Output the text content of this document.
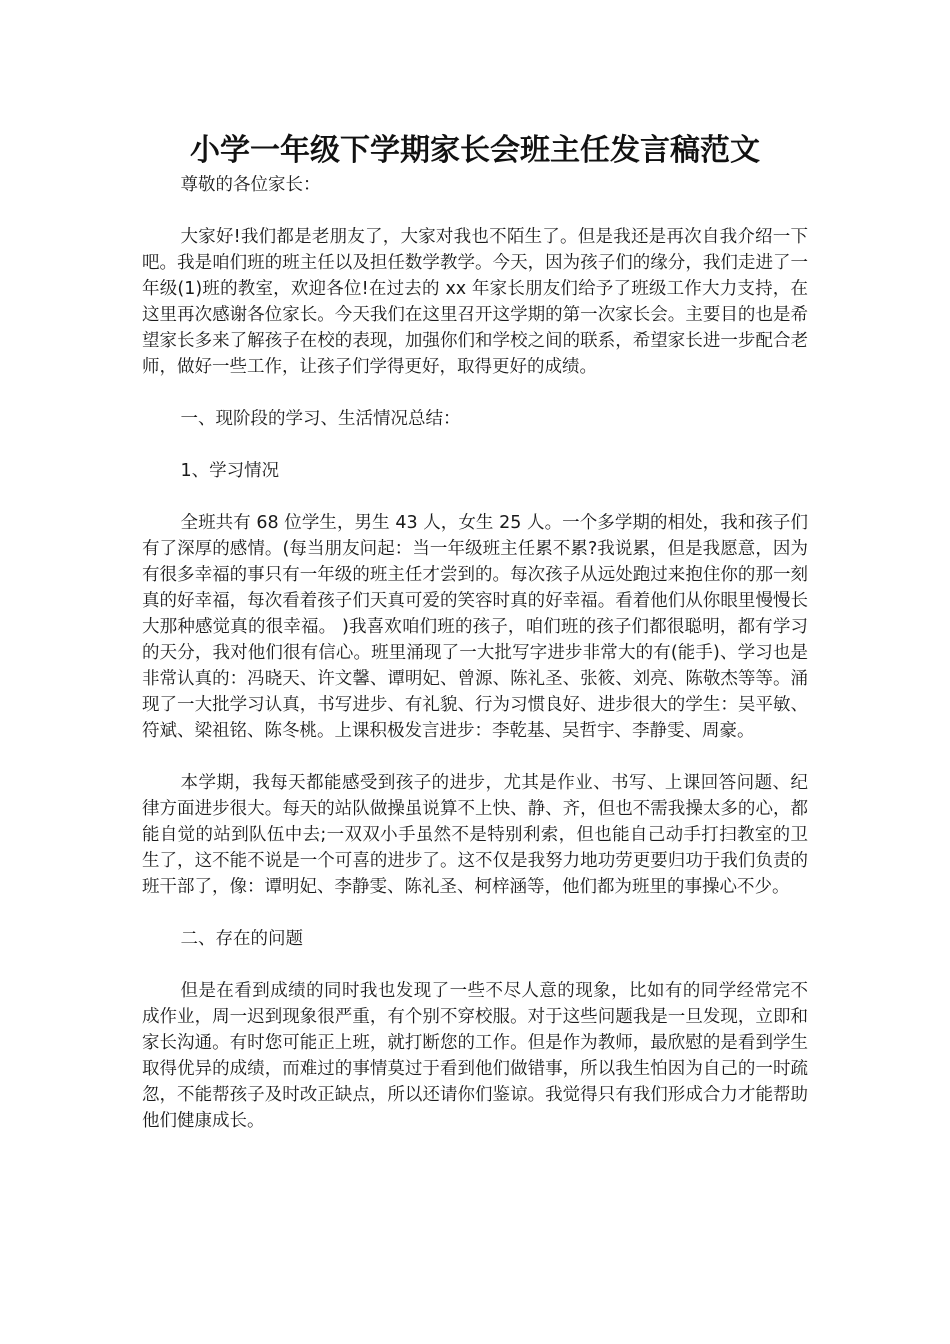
小学一年级下学期家长会班主任发言稿范文

尊敬的各位家长：

大家好!我们都是老朋友了，大家对我也不陌生了。但是我还是再次自我介绍一下吧。我是咱们班的班主任以及担任数学教学。今天，因为孩子们的缘分，我们走进了一年级(1)班的教室，欢迎各位!在过去的 xx 年家长朋友们给予了班级工作大力支持，在这里再次感谢各位家长。今天我们在这里召开这学期的第一次家长会。主要目的也是希望家长多来了解孩子在校的表现，加强你们和学校之间的联系，希望家长进一步配合老师，做好一些工作，让孩子们学得更好，取得更好的成绩。

一、现阶段的学习、生活情况总结：

1、学习情况

全班共有 68 位学生，男生 43 人，女生 25 人。一个多学期的相处，我和孩子们有了深厚的感情。(每当朋友问起：当一年级班主任累不累?我说累，但是我愿意，因为有很多幸福的事只有一年级的班主任才尝到的。每次孩子从远处跑过来抱住你的那一刻真的好幸福，每次看着孩子们天真可爱的笑容时真的好幸福。看着他们从你眼里慢慢长大那种感觉真的很幸福。 )我喜欢咱们班的孩子，咱们班的孩子们都很聪明，都有学习的天分，我对他们很有信心。班里涌现了一大批写字进步非常大的有(能手)、学习也是非常认真的：冯晓天、许文馨、谭明妃、曾源、陈礼圣、张筱、刘亮、陈敬杰等等。涌现了一大批学习认真，书写进步、有礼貌、行为习惯良好、进步很大的学生：吴平敏、符斌、梁祖铭、陈冬桃。上课积极发言进步：李乾基、吴哲宇、李静雯、周豪。

本学期，我每天都能感受到孩子的进步，尤其是作业、书写、上课回答问题、纪律方面进步很大。每天的站队做操虽说算不上快、静、齐，但也不需我操太多的心，都能自觉的站到队伍中去;一双双小手虽然不是特别利索，但也能自己动手打扫教室的卫生了，这不能不说是一个可喜的进步了。这不仅是我努力地功劳更要归功于我们负责的班干部了，像：谭明妃、李静雯、陈礼圣、柯梓涵等，他们都为班里的事操心不少。

二、存在的问题

但是在看到成绩的同时我也发现了一些不尽人意的现象，比如有的同学经常完不成作业，周一迟到现象很严重，有个别不穿校服。对于这些问题我是一旦发现，立即和家长沟通。有时您可能正上班，就打断您的工作。但是作为教师，最欣慰的是看到学生取得优异的成绩，而难过的事情莫过于看到他们做错事，所以我生怕因为自己的一时疏忽，不能帮孩子及时改正缺点，所以还请你们鉴谅。我觉得只有我们形成合力才能帮助他们健康成长。
